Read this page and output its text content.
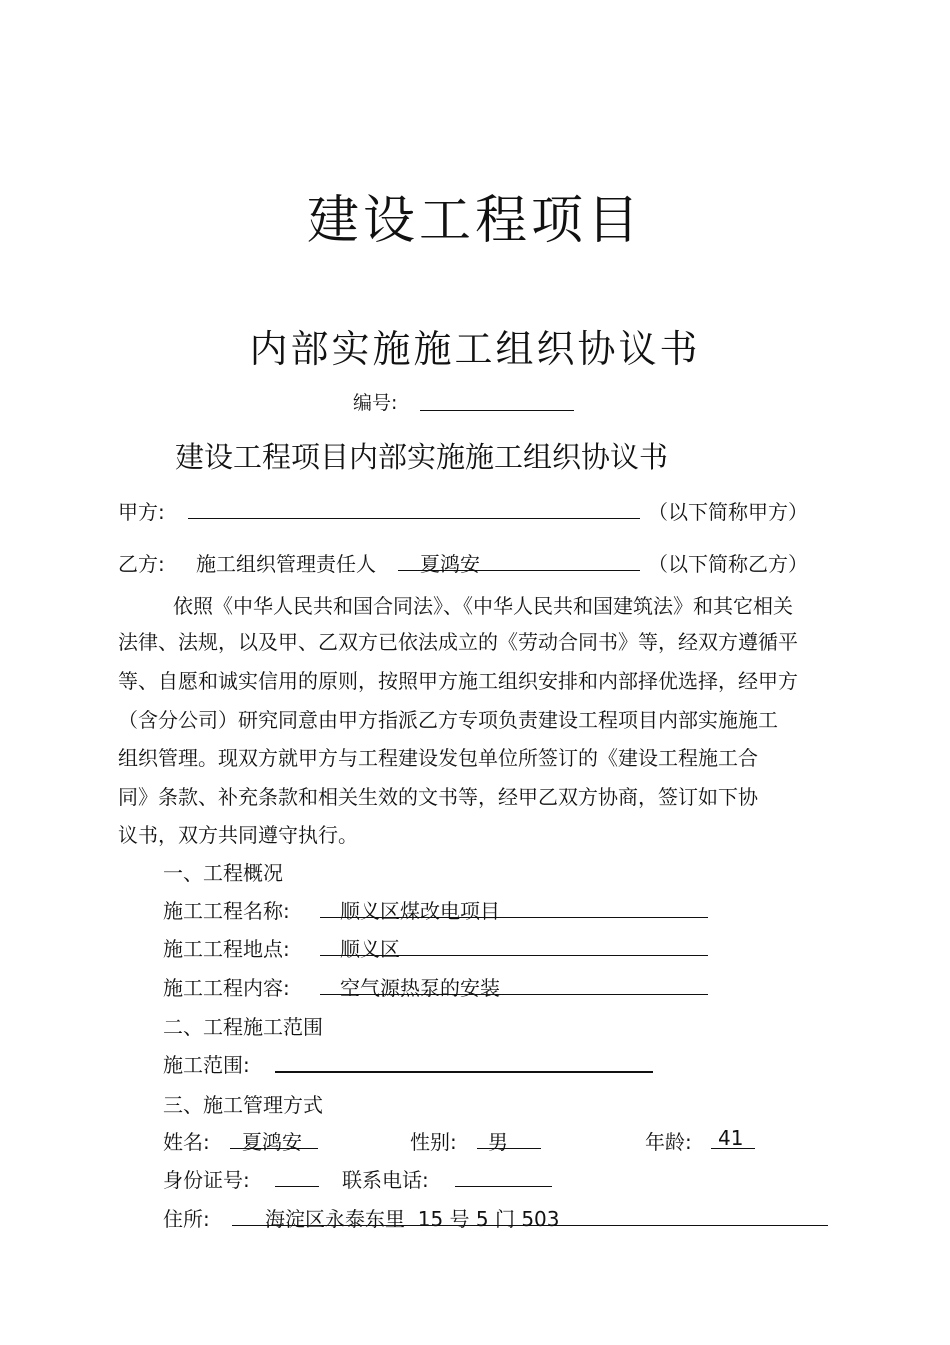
建设工程项目
内部实施施工组织协议书
编号:
建设工程项目内部实施施工组织协议书
甲方:	（以下简称甲方）
乙方: 施工组织管理责任人 夏鸿安	（以下简称乙方）
依照《中华人民共和国合同法》、《中华人民共和国建筑法》和其它相关
法律、法规，以及甲、乙双方已依法成立的《劳动合同书》等，经双方遵循平
等、自愿和诚实信用的原则，按照甲方施工组织安排和内部择优选择，经甲方
（含分公司）研究同意由甲方指派乙方专项负责建设工程项目内部实施施工
组织管理。现双方就甲方与工程建设发包单位所签订的《建设工程施工合
同》条款、补充条款和相关生效的文书等，经甲乙双方协商，签订如下协
议书，双方共同遵守执行。
一、工程概况
施工工程名称:	顺义区煤改电项目
施工工程地点:	顺义区
施工工程内容:	空气源热泵的安装
二、工程施工范围
施工范围:
三、施工管理方式
姓名: 夏鸿安	性别: 男	年龄: 41
身份证号:	联系电话:
住所:	海淀区永泰东里  15 号 5 门 503
